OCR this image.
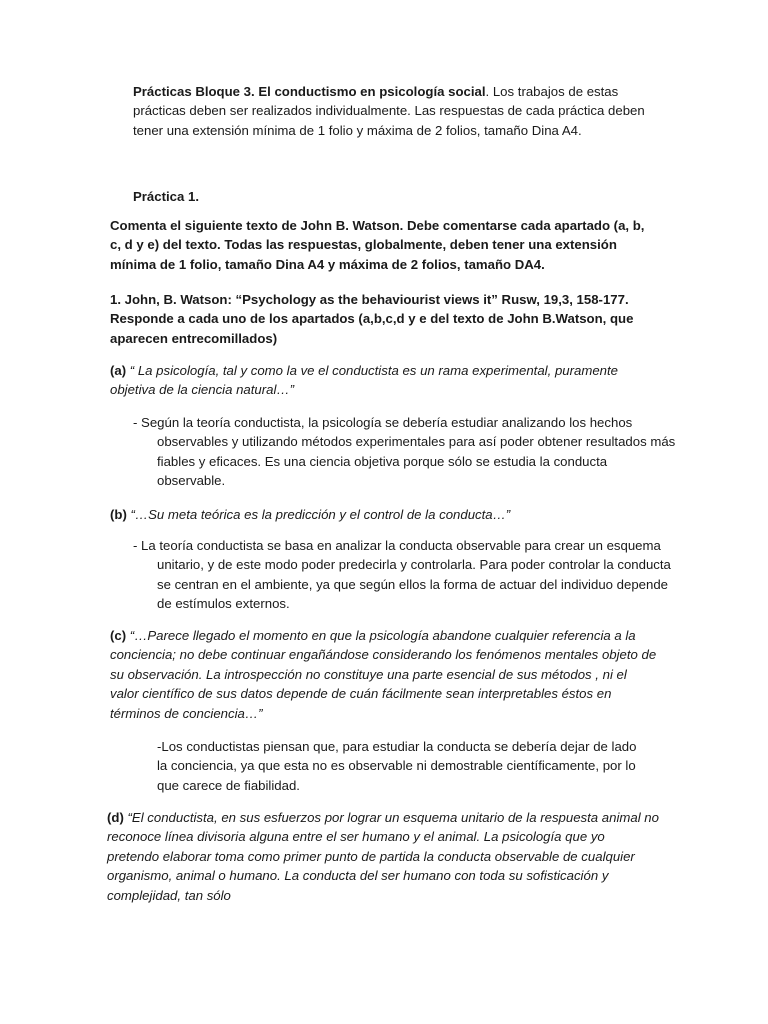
Prácticas Bloque 3. El conductismo en psicología social. Los trabajos de estas prácticas deben ser realizados individualmente. Las respuestas de cada práctica deben tener una extensión mínima de 1 folio y máxima de 2 folios, tamaño Dina A4.
Práctica 1.
Comenta el siguiente texto de John B. Watson. Debe comentarse cada apartado (a, b, c, d y e) del texto. Todas las respuestas, globalmente, deben tener una extensión mínima de 1 folio, tamaño Dina A4 y máxima de 2 folios, tamaño DA4.
1. John, B. Watson: “Psychology as the behaviourist views it” Rusw, 19,3, 158-177. Responde a cada uno de los apartados (a,b,c,d y e del texto de John B.Watson, que aparecen entrecomillados)
(a) “ La psicología, tal y como la ve el conductista es un rama experimental, puramente objetiva de la ciencia natural…”

- Según la teoría conductista, la psicología se debería estudiar analizando los hechos observables y utilizando métodos experimentales para así poder obtener resultados más fiables y eficaces. Es una ciencia objetiva porque sólo se estudia la conducta observable.

(b) “…Su meta teórica es la predicción y el control de la conducta…”

- La teoría conductista se basa en analizar la conducta observable para crear un esquema unitario, y de este modo poder predecirla y controlarla. Para poder controlar la conducta se centran en el ambiente, ya que según ellos la forma de actuar del individuo depende de estímulos externos.

(c) “…Parece llegado el momento en que la psicología abandone cualquier referencia a la conciencia; no debe continuar engañándose considerando los fenómenos mentales objeto de su observación. La introspección no constituye una parte esencial de sus métodos , ni el valor científico de sus datos depende de cuán fácilmente sean interpretables éstos en términos de conciencia…”

-Los conductistas piensan que, para estudiar la conducta se debería dejar de lado la conciencia, ya que esta no es observable ni demostrable científicamente, por lo que carece de fiabilidad.

(d) “El conductista, en sus esfuerzos por lograr un esquema unitario de la respuesta animal no reconoce línea divisoria alguna entre el ser humano y el animal. La psicología que yo pretendo elaborar toma como primer punto de partida la conducta observable de cualquier organismo, animal o humano. La conducta del ser humano con toda su sofisticación y complejidad, tan sólo
